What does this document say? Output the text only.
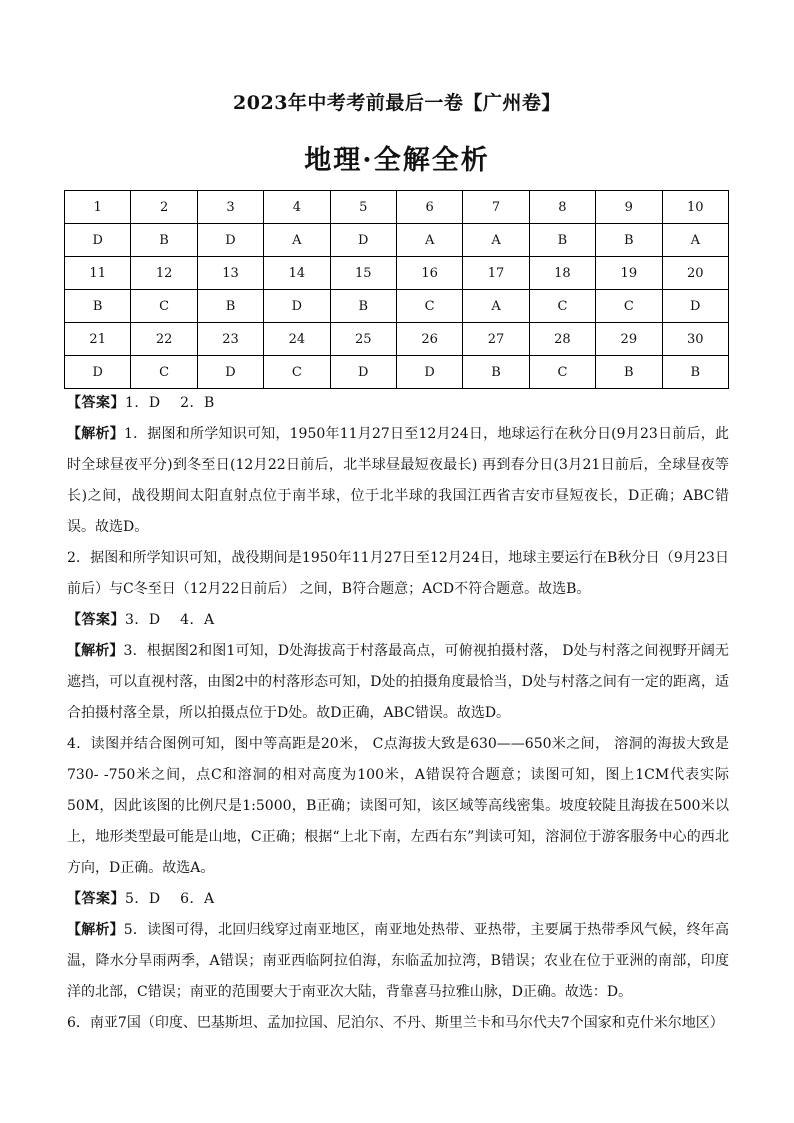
2023年中考考前最后一卷【广州卷】
地理·全解全析
1	2	3	4	5	6	7	8	9	10
D	B	D	A	D	A	A	B	B	A
11	12	13	14	15	16	17	18	19	20
B	C	B	D	B	C	A	C	C	D
21	22	23	24	25	26	27	28	29	30
D	C	D	C	D	D	B	C	B	B

【答案】1．D　 2．B

【解析】1．据图和所学知识可知，1950年11月27日至12月24日，地球运行在秋分日(9月23日前后，此时全球昼夜平分)到冬至日(12月22日前后，北半球昼最短夜最长) 再到春分日(3月21日前后，全球昼夜等长)之间，战役期间太阳直射点位于南半球，位于北半球的我国江西省吉安市昼短夜长，D正确；ABC错误。故选D。

2．据图和所学知识可知，战役期间是1950年11月27日至12月24日，地球主要运行在B秋分日（9月23日前后）与C冬至日（12月22日前后） 之间，B符合题意；ACD不符合题意。故选B。

【答案】3．D　 4．A

【解析】3．根据图2和图1可知，D处海拔高于村落最高点，可俯视拍摄村落， D处与村落之间视野开阔无遮挡，可以直视村落，由图2中的村落形态可知，D处的拍摄角度最恰当，D处与村落之间有一定的距离，适合拍摄村落全景，所以拍摄点位于D处。故D正确，ABC错误。故选D。

4．读图并结合图例可知，图中等高距是20米， C点海拔大致是630——650米之间， 溶洞的海拔大致是730- -750米之间，点C和溶洞的相对高度为100米，A错误符合题意；读图可知，图上1CM代表实际50M，因此该图的比例尺是1:5000，B正确；读图可知，该区域等高线密集。坡度较陡且海拔在500米以上，地形类型最可能是山地，C正确；根据“上北下南，左西右东”判读可知，溶洞位于游客服务中心的西北方向，D正确。故选A。

【答案】5．D　 6．A

【解析】5．读图可得，北回归线穿过南亚地区，南亚地处热带、亚热带，主要属于热带季风气候，终年高温，降水分旱雨两季，A错误；南亚西临阿拉伯海，东临孟加拉湾，B错误；农业在位于亚洲的南部，印度洋的北部，C错误；南亚的范围要大于南亚次大陆，背靠喜马拉雅山脉，D正确。故选：D。

6．南亚7国（印度、巴基斯坦、孟加拉国、尼泊尔、不丹、斯里兰卡和马尔代夫7个国家和克什米尔地区）
